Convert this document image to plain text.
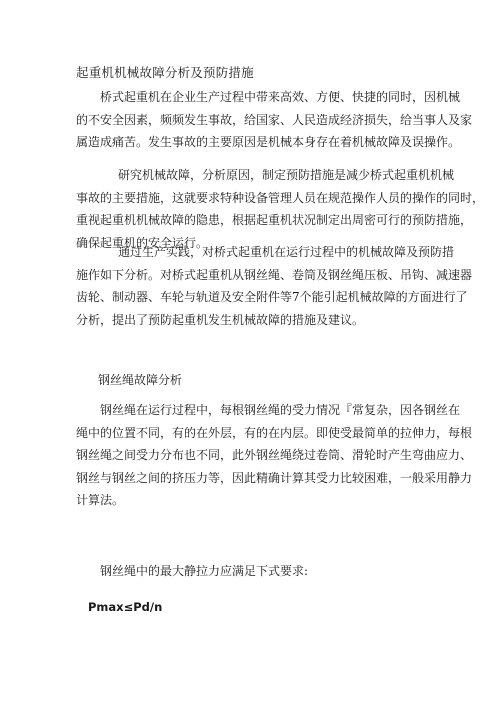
起重机机械故障分析及预防措施
桥式起重机在企业生产过程中带来高效、方便、快捷的同时，因机械
的不安全因素，频频发生事故，给国家、人民造成经济损失，给当事人及家
属造成痛苦。发生事故的主要原因是机械本身存在着机械故障及误操作。
研究机械故障，分析原因，制定预防措施是减少桥式起重机机械
事故的主要措施，这就要求特种设备管理人员在规范操作人员的操作的同时，
重视起重机机械故障的隐患，根据起重机状况制定出周密可行的预防措施，
确保起重机的安全运行。
通过生产实践，对桥式起重机在运行过程中的机械故障及预防措
施作如下分析。对桥式起重机从钢丝绳、卷筒及钢丝绳压板、吊钩、减速器
齿轮、制动器、车轮与轨道及安全附件等7个能引起机械故障的方面进行了
分析，提出了预防起重机发生机械故障的措施及建议。
钢丝绳故障分析
钢丝绳在运行过程中，每根钢丝绳的受力情况『常复杂，因各钢丝在
绳中的位置不同，有的在外层，有的在内层。即使受最简单的拉伸力，每根
钢丝绳之间受力分布也不同，此外钢丝绳绕过卷筒、滑轮时产生弯曲应力、
钢丝与钢丝之间的挤压力等，因此精确计算其受力比较困难，一般采用静力
计算法。
钢丝绳中的最大静拉力应满足下式要求:
Pmax≤Pd/n
